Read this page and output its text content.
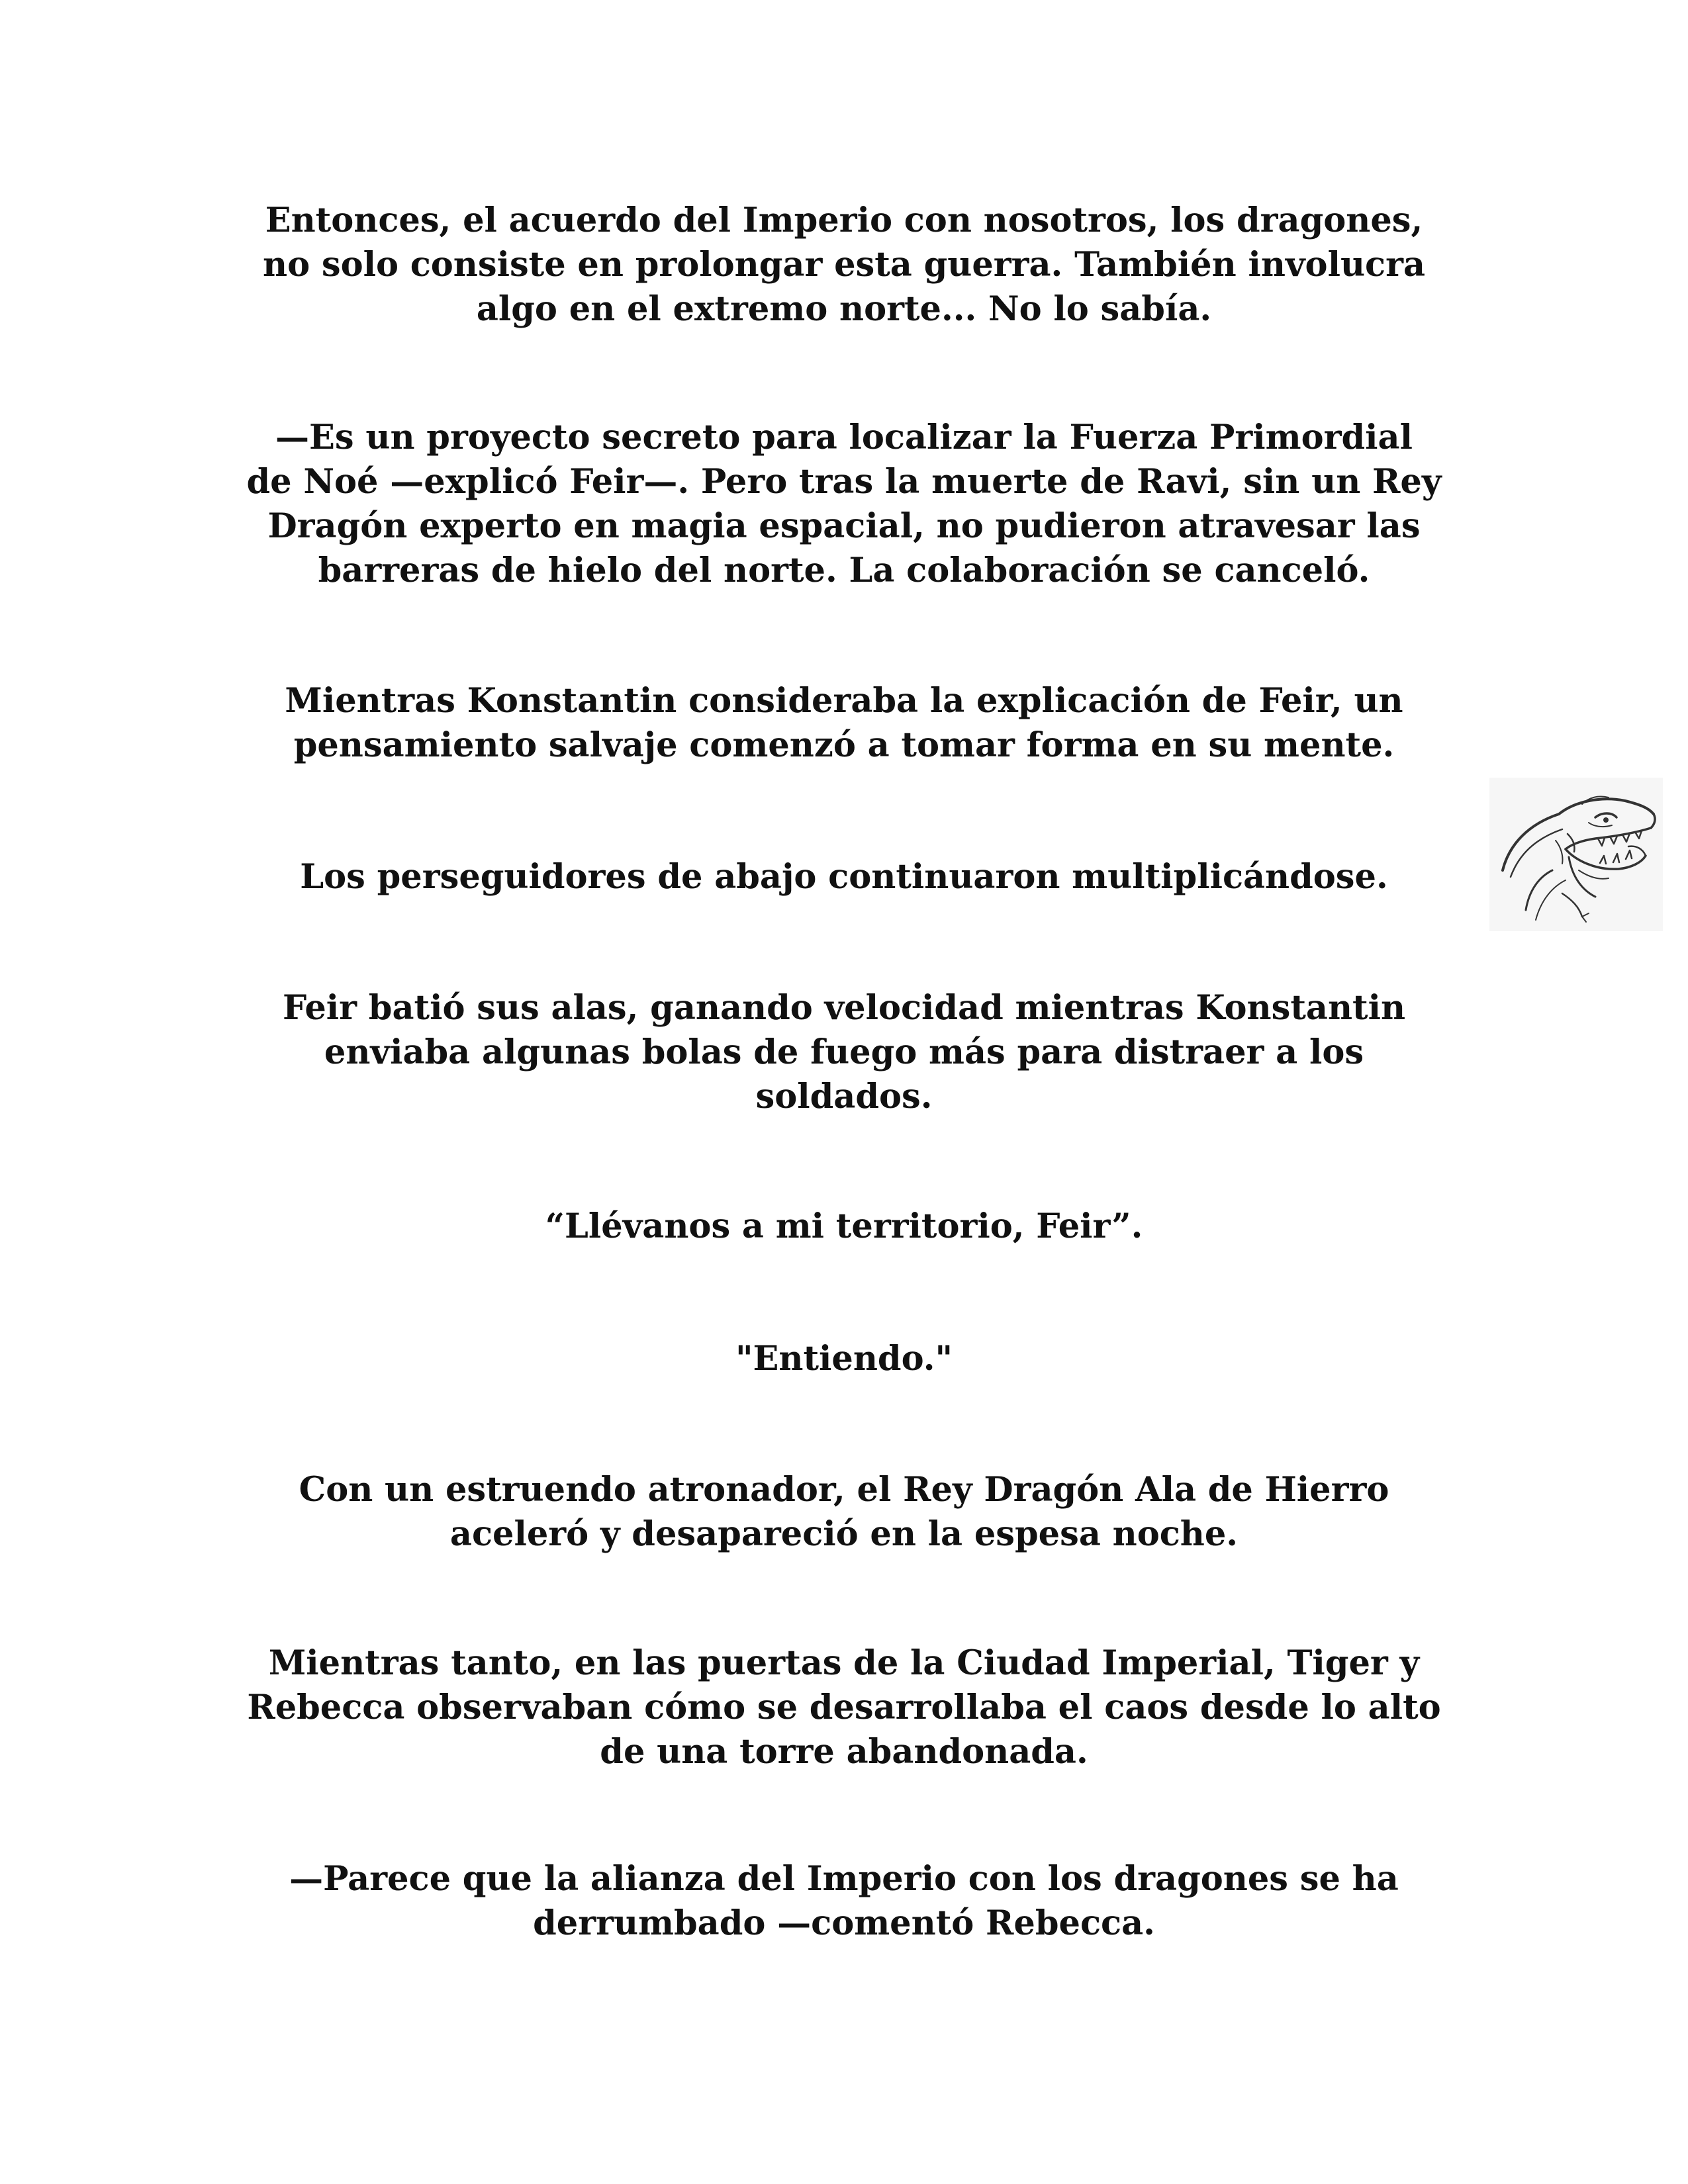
Entonces, el acuerdo del Imperio con nosotros, los dragones,
no solo consiste en prolongar esta guerra. También involucra
algo en el extremo norte... No lo sabía.

—Es un proyecto secreto para localizar la Fuerza Primordial
de Noé —explicó Feir—. Pero tras la muerte de Ravi, sin un Rey
Dragón experto en magia espacial, no pudieron atravesar las
barreras de hielo del norte. La colaboración se canceló.

Mientras Konstantin consideraba la explicación de Feir, un
pensamiento salvaje comenzó a tomar forma en su mente.

Los perseguidores de abajo continuaron multiplicándose.

Feir batió sus alas, ganando velocidad mientras Konstantin
enviaba algunas bolas de fuego más para distraer a los
soldados.

“Llévanos a mi territorio, Feir”.

"Entiendo."

Con un estruendo atronador, el Rey Dragón Ala de Hierro
aceleró y desapareció en la espesa noche.

Mientras tanto, en las puertas de la Ciudad Imperial, Tiger y
Rebecca observaban cómo se desarrollaba el caos desde lo alto
de una torre abandonada.

—Parece que la alianza del Imperio con los dragones se ha
derrumbado —comentó Rebecca.
